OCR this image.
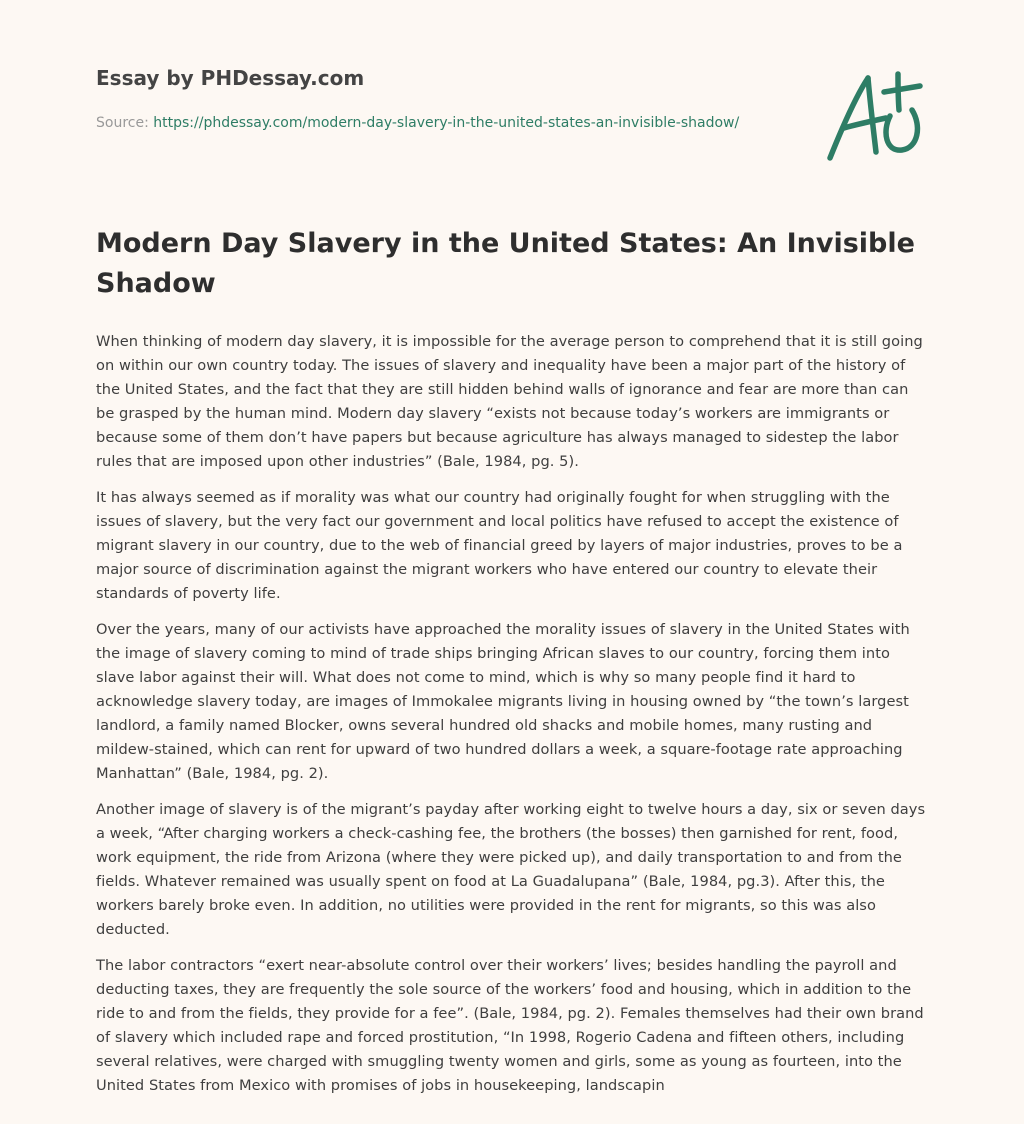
Essay by PHDessay.com
Source: https://phdessay.com/modern-day-slavery-in-the-united-states-an-invisible-shadow/
Modern Day Slavery in the United States: An Invisible Shadow

When thinking of modern day slavery, it is impossible for the average person to comprehend that it is still going on within our own country today. The issues of slavery and inequality have been a major part of the history of the United States, and the fact that they are still hidden behind walls of ignorance and fear are more than can be grasped by the human mind. Modern day slavery “exists not because today’s workers are immigrants or because some of them don’t have papers but because agriculture has always managed to sidestep the labor rules that are imposed upon other industries” (Bale, 1984, pg. 5).

It has always seemed as if morality was what our country had originally fought for when struggling with the issues of slavery, but the very fact our government and local politics have refused to accept the existence of migrant slavery in our country, due to the web of financial greed by layers of major industries, proves to be a major source of discrimination against the migrant workers who have entered our country to elevate their standards of poverty life.

Over the years, many of our activists have approached the morality issues of slavery in the United States with the image of slavery coming to mind of trade ships bringing African slaves to our country, forcing them into slave labor against their will. What does not come to mind, which is why so many people find it hard to acknowledge slavery today, are images of Immokalee migrants living in housing owned by “the town’s largest landlord, a family named Blocker, owns several hundred old shacks and mobile homes, many rusting and mildew-stained, which can rent for upward of two hundred dollars a week, a square-footage rate approaching Manhattan” (Bale, 1984, pg. 2).

Another image of slavery is of the migrant’s payday after working eight to twelve hours a day, six or seven days a week, “After charging workers a check-cashing fee, the brothers (the bosses) then garnished for rent, food, work equipment, the ride from Arizona (where they were picked up), and daily transportation to and from the fields. Whatever remained was usually spent on food at La Guadalupana” (Bale, 1984, pg.3). After this, the workers barely broke even. In addition, no utilities were provided in the rent for migrants, so this was also deducted.

The labor contractors “exert near-absolute control over their workers’ lives; besides handling the payroll and deducting taxes, they are frequently the sole source of the workers’ food and housing, which in addition to the ride to and from the fields, they provide for a fee”. (Bale, 1984, pg. 2). Females themselves had their own brand of slavery which included rape and forced prostitution, “In 1998, Rogerio Cadena and fifteen others, including several relatives, were charged with smuggling twenty women and girls, some as young as fourteen, into the United States from Mexico with promises of jobs in housekeeping, landscapin
